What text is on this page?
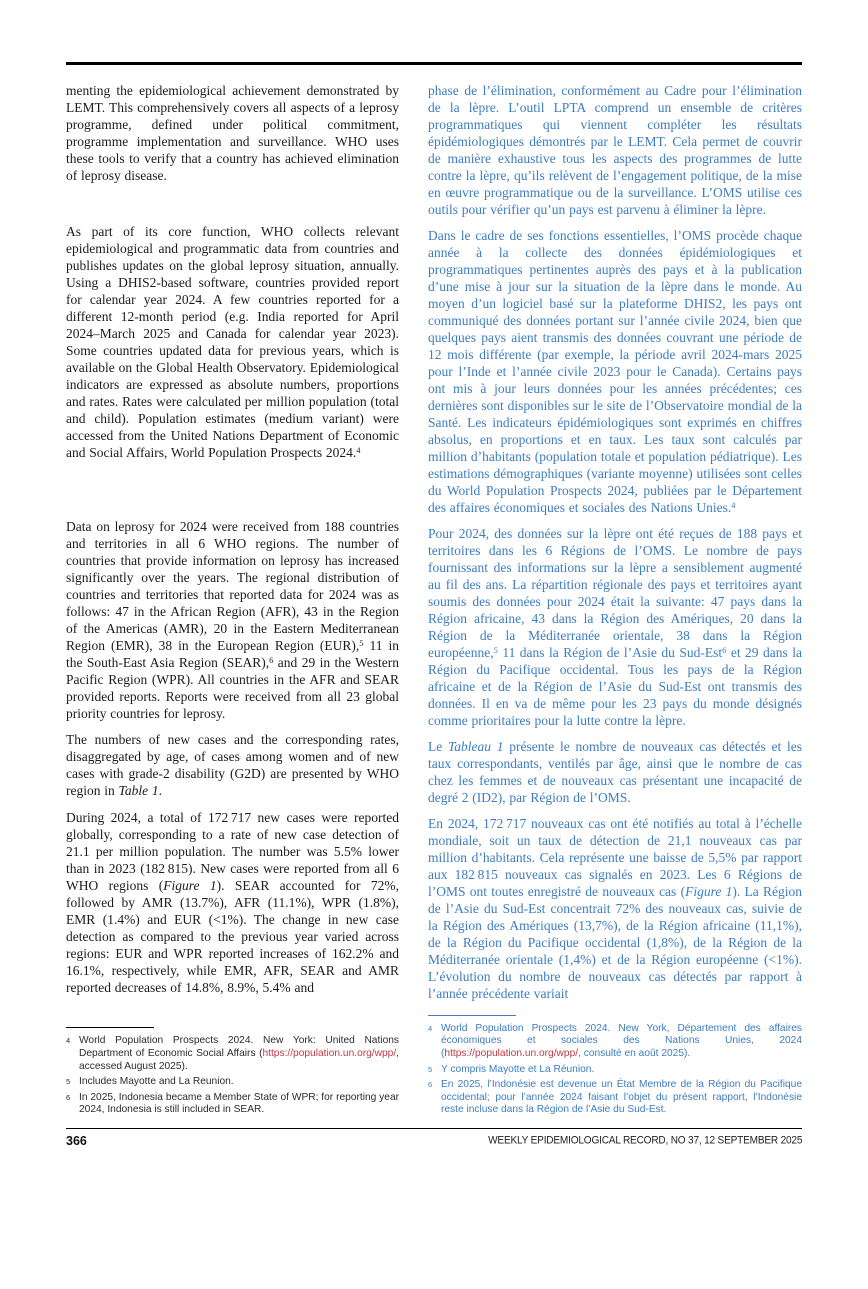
menting the epidemiological achievement demonstrated by LEMT. This comprehensively covers all aspects of a leprosy programme, defined under political commitment, programme implementation and surveillance. WHO uses these tools to verify that a country has achieved elimination of leprosy disease.

As part of its core function, WHO collects relevant epidemiological and programmatic data from countries and publishes updates on the global leprosy situation, annually. Using a DHIS2-based software, countries provided report for calendar year 2024. A few countries reported for a different 12-month period (e.g. India reported for April 2024–March 2025 and Canada for calendar year 2023). Some countries updated data for previous years, which is available on the Global Health Observatory. Epidemiological indicators are expressed as absolute numbers, proportions and rates. Rates were calculated per million population (total and child). Population estimates (medium variant) were accessed from the United Nations Department of Economic and Social Affairs, World Population Prospects 2024.$^4$

Data on leprosy for 2024 were received from 188 countries and territories in all 6 WHO regions. The number of countries that provide information on leprosy has increased significantly over the years. The regional distribution of countries and territories that reported data for 2024 was as follows: 47 in the African Region (AFR), 43 in the Region of the Americas (AMR), 20 in the Eastern Mediterranean Region (EMR), 38 in the European Region (EUR),$^5$ 11 in the South-East Asia Region (SEAR),$^6$ and 29 in the Western Pacific Region (WPR). All countries in the AFR and SEAR provided reports. Reports were received from all 23 global priority countries for leprosy.

The numbers of new cases and the corresponding rates, disaggregated by age, of cases among women and of new cases with grade-2 disability (G2D) are presented by WHO region in Table 1.

During 2024, a total of 172 717 new cases were reported globally, corresponding to a rate of new case detection of 21.1 per million population. The number was 5.5% lower than in 2023 (182 815). New cases were reported from all 6 WHO regions (Figure 1). SEAR accounted for 72%, followed by AMR (13.7%), AFR (11.1%), WPR (1.8%), EMR (1.4%) and EUR (<1%). The change in new case detection as compared to the previous year varied across regions: EUR and WPR reported increases of 162.2% and 16.1%, respectively, while EMR, AFR, SEAR and AMR reported decreases of 14.8%, 8.9%, 5.4% and

4 World Population Prospects 2024. New York: United Nations Department of Economic Social Affairs (https://population.un.org/wpp/, accessed August 2025).
5 Includes Mayotte and La Reunion.
6 In 2025, Indonesia became a Member State of WPR; for reporting year 2024, Indonesia is still included in SEAR.

phase de l’élimination, conformément au Cadre pour l’élimination de la lèpre. L’outil LPTA comprend un ensemble de critères programmatiques qui viennent compléter les résultats épidémiologiques démontrés par le LEMT. Cela permet de couvrir de manière exhaustive tous les aspects des programmes de lutte contre la lèpre, qu’ils relèvent de l’engagement politique, de la mise en œuvre programmatique ou de la surveillance. L’OMS utilise ces outils pour vérifier qu’un pays est parvenu à éliminer la lèpre.

Dans le cadre de ses fonctions essentielles, l’OMS procède chaque année à la collecte des données épidémiologiques et programmatiques pertinentes auprès des pays et à la publication d’une mise à jour sur la situation de la lèpre dans le monde. Au moyen d’un logiciel basé sur la plateforme DHIS2, les pays ont communiqué des données portant sur l’année civile 2024, bien que quelques pays aient transmis des données couvrant une période de 12 mois différente (par exemple, la période avril 2024-mars 2025 pour l’Inde et l’année civile 2023 pour le Canada). Certains pays ont mis à jour leurs données pour les années précédentes; ces dernières sont disponibles sur le site de l’Observatoire mondial de la Santé. Les indicateurs épidémiologiques sont exprimés en chiffres absolus, en proportions et en taux. Les taux sont calculés par million d’habitants (population totale et population pédiatrique). Les estimations démographiques (variante moyenne) utilisées sont celles du World Population Prospects 2024, publiées par le Département des affaires économiques et sociales des Nations Unies.$^4$

Pour 2024, des données sur la lèpre ont été reçues de 188 pays et territoires dans les 6 Régions de l’OMS. Le nombre de pays fournissant des informations sur la lèpre a sensiblement augmenté au fil des ans. La répartition régionale des pays et territoires ayant soumis des données pour 2024 était la suivante: 47 pays dans la Région africaine, 43 dans la Région des Amériques, 20 dans la Région de la Méditerranée orientale, 38 dans la Région européenne,$^5$ 11 dans la Région de l’Asie du Sud-Est$^6$ et 29 dans la Région du Pacifique occidental. Tous les pays de la Région africaine et de la Région de l’Asie du Sud-Est ont transmis des données. Il en va de même pour les 23 pays du monde désignés comme prioritaires pour la lutte contre la lèpre.

Le Tableau 1 présente le nombre de nouveaux cas détectés et les taux correspondants, ventilés par âge, ainsi que le nombre de cas chez les femmes et de nouveaux cas présentant une incapacité de degré 2 (ID2), par Région de l’OMS.

En 2024, 172 717 nouveaux cas ont été notifiés au total à l’échelle mondiale, soit un taux de détection de 21,1 nouveaux cas par million d’habitants. Cela représente une baisse de 5,5% par rapport aux 182 815 nouveaux cas signalés en 2023. Les 6 Régions de l’OMS ont toutes enregistré de nouveaux cas (Figure 1). La Région de l’Asie du Sud-Est concentrait 72% des nouveaux cas, suivie de la Région des Amériques (13,7%), de la Région africaine (11,1%), de la Région du Pacifique occidental (1,8%), de la Région de la Méditerranée orientale (1,4%) et de la Région européenne (<1%). L’évolution du nombre de nouveaux cas détectés par rapport à l’année précédente variait

4 World Population Prospects 2024. New York, Département des affaires économiques et sociales des Nations Unies, 2024 (https://population.un.org/wpp/, consulté en août 2025).
5 Y compris Mayotte et La Réunion.
6 En 2025, l’Indonésie est devenue un État Membre de la Région du Pacifique occidental; pour l’année 2024 faisant l’objet du présent rapport, l’Indonésie reste incluse dans la Région de l’Asie du Sud-Est.
366	WEEKLY EPIDEMIOLOGICAL RECORD, NO 37, 12 SEPTEMBER 2025
